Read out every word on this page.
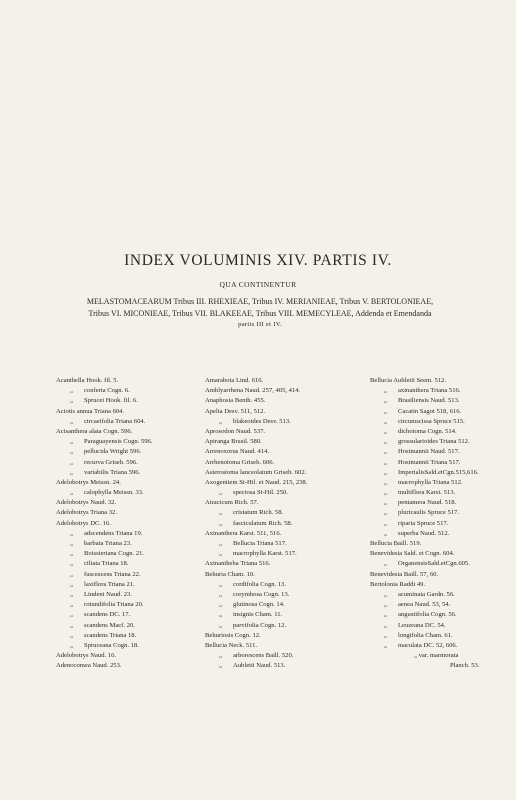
INDEX VOLUMINIS XIV. PARTIS IV.
QUA CONTINENTUR
MELASTOMACEARUM Tribus III. RHEXIEAE, Tribus IV. MERIANIEAE, Tribus V. BERTOLONIEAE,
Tribus VI. MICONIEAE, Tribus VII. BLAKEEAE, Tribus VIII. MEMECYLEAE, Addenda et Emendanda
partis III et IV.
Acanthella Hook. fil. 5.
„ conferta Cogn. 6.
„ Sprucei Hook. fil. 6.
Aciotis annua Triana 604.
„ circaeifolia Triana 604.
Acisanthera alata Cogn. 596.
„ Paraguayensis Cogn. 596.
„ pellucida Wright 596.
„ recurva Griseb. 596.
„ variabilis Triana 596.
Adelobotrys Meissn. 24.
„ calophylla Meissn. 33.
Adelobotrys Naud. 32.
Adelobotrys Triana 32.
Adelobotrys DC. 16.
„ adscendens Triana 19.
„ barbata Triana 23.
„ Boissieriana Cogn. 21.
„ ciliata Triana 18.
„ fuscescens Triana 22.
„ laxiflora Triana 21.
„ Lindeni Naud. 23.
„ rotundifolia Triana 20.
„ scandens DC. 17.
„ scandens Macf. 20.
„ scandens Triana 18.
„ Spruceana Cogn. 18.
Adelobotrys Naud. 16.
Adenocomea Naud. 253.
Amarabota Lind. 616.
Amblyarrhena Naud. 257, 405, 414.
Anaphosia Benth. 455.
Apelia Desv. 511, 512.
„ blakeoides Desv. 513.
Aprosodon Naud. 537.
Apiranga Brasil. 580.
Arrenoxorus Naud. 414.
Arrhenotoma Griseb. 606.
Asterostoma lanceolatum Griseb. 602.
Axogenitem St-Hil. et Naud. 215, 238.
„ speciosa St-Hil. 250.
Atracicum Rich. 57.
„ cristatum Rich. 58.
„ fasciculatum Rich. 58.
Axinanthera Karst. 511, 516.
„ Bellucia Triana 517.
„ macrophylla Karst. 517.
Axinantheba Triana 516.
Behuria Cham. 10.
„ cordifolia Cogn. 13.
„ corymbosa Cogn. 13.
„ glutinosa Cogn. 14.
„ insignis Cham. 11.
„ parvifolia Cogn. 12.
Behuriosis Cogn. 12.
Bellucia Neck. 511.
„ arborescens Baill. 520.
„ Aubletii Naud. 513.
Bellucia Aubletii Seem. 512.
„ axinanthera Triana 516.
„ Brasiliensis Naud. 513.
„ Cacatin Sagot 518, 616.
„ circumscissa Spruce 515.
„ dichotoma Cogn. 514.
„ grossularioides Triana 512.
„ Hostmannii Naud. 517.
„ Hostmannii Triana 517.
„ ImperialisSald.etCgn.515,616.
„ macrophylla Triana 512.
„ multiflora Karst. 513.
„ pentamera Naud. 518.
„ pluricaulis Spruce 517.
„ riparia Spruce 517.
„ superba Naud. 512.
Bellucia Baill. 519.
Benevidesia Sald. et Cogn. 604.
„ OrganensisSald.etCgn.605.
Benevidesia Baill. 57, 60.
Bertolonia Raddi 49.
„ acuminata Gardn. 56.
„ aenea Naud. 53, 54.
„ angustifolia Cogn. 56.
„ Leuzeana DC. 54.
„ longifolia Cham. 61.
„ maculata DC. 52, 606.
„ var. marmorata
Planch. 53.
